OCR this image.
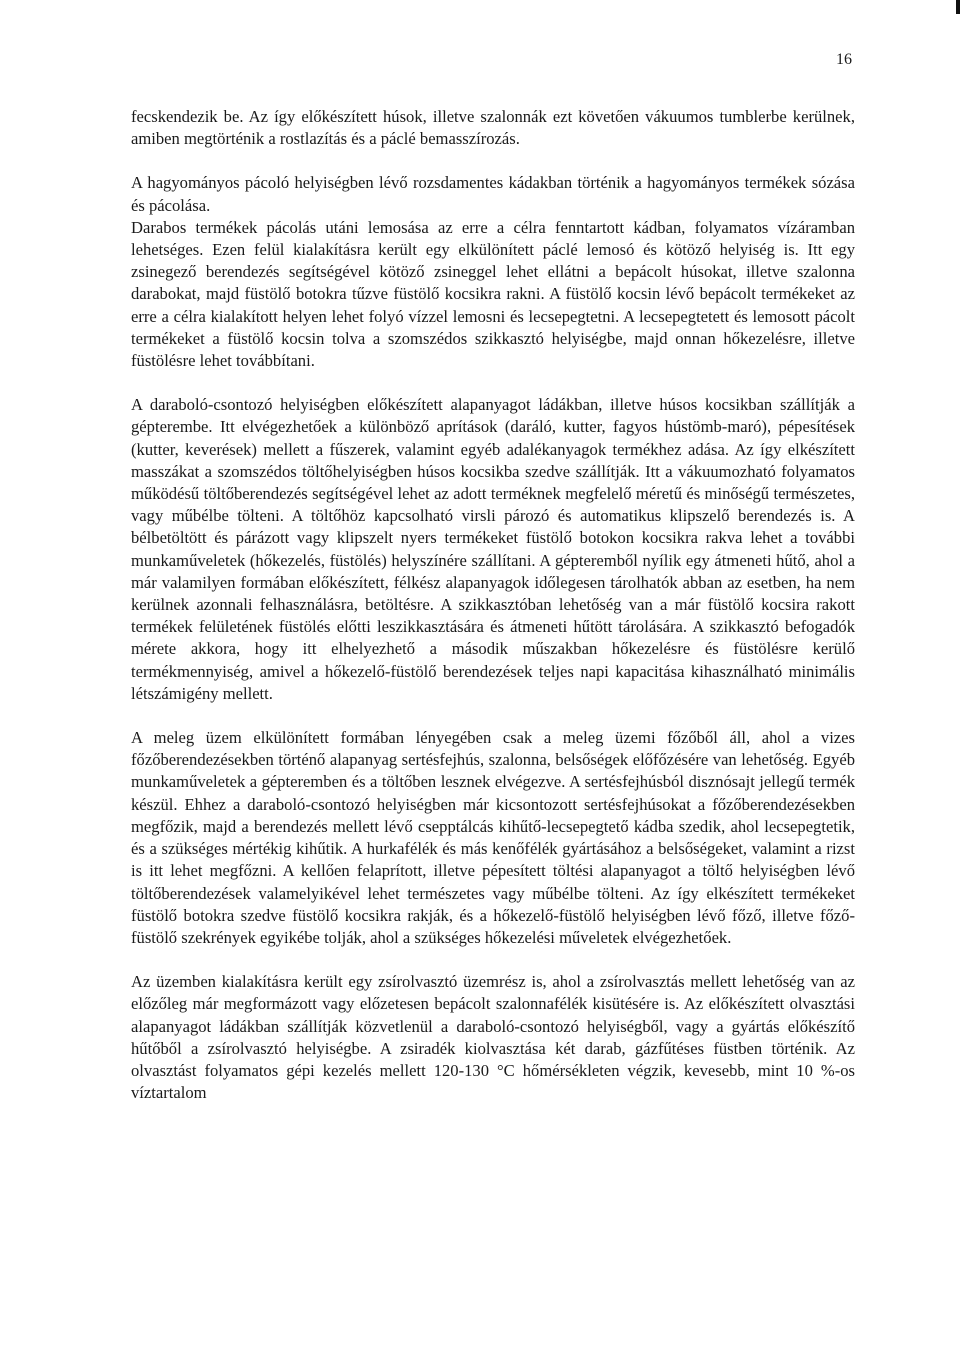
16

fecskendezik be. Az így előkészített húsok, illetve szalonnák ezt követően vákuumos tumblerbe kerülnek, amiben megtörténik a rostlazítás és a páclé bemasszírozás.

A hagyományos pácoló helyiségben lévő rozsdamentes kádakban történik a hagyományos termékek sózása és pácolása.

Darabos termékek pácolás utáni lemosása az erre a célra fenntartott kádban, folyamatos vízáramban lehetséges. Ezen felül kialakításra került egy elkülönített páclé lemosó és kötöző helyiség is. Itt egy zsinegező berendezés segítségével kötöző zsineggel lehet ellátni a bepácolt húsokat, illetve szalonna darabokat, majd füstölő botokra tűzve füstölő kocsikra rakni. A füstölő kocsin lévő bepácolt termékeket az erre a célra kialakított helyen lehet folyó vízzel lemosni és lecsepegtetni. A lecsepegtetett és lemosott pácolt termékeket a füstölő kocsin tolva a szomszédos szikkasztó helyiségbe, majd onnan hőkezelésre, illetve füstölésre lehet továbbítani.

A daraboló-csontozó helyiségben előkészített alapanyagot ládákban, illetve húsos kocsikban szállítják a gépterembe. Itt elvégezhetőek a különböző aprítások (daráló, kutter, fagyos hústömb-maró), pépesítések (kutter, keverések) mellett a fűszerek, valamint egyéb adalékanyagok termékhez adása. Az így elkészített masszákat a szomszédos töltőhelyiségben húsos kocsikba szedve szállítják. Itt a vákuumozható folyamatos működésű töltőberendezés segítségével lehet az adott terméknek megfelelő méretű és minőségű természetes, vagy műbélbe tölteni. A töltőhöz kapcsolható virsli pározó és automatikus klipszelő berendezés is. A bélbetöltött és párázott vagy klipszelt nyers termékeket füstölő botokon kocsikra rakva lehet a további munkaműveletek (hőkezelés, füstölés) helyszínére szállítani. A gépteremből nyílik egy átmeneti hűtő, ahol a már valamilyen formában előkészített, félkész alapanyagok időlegesen tárolhatók abban az esetben, ha nem kerülnek azonnali felhasználásra, betöltésre. A szikkasztóban lehetőség van a már füstölő kocsira rakott termékek felületének füstölés előtti leszikkasztására és átmeneti hűtött tárolására. A szikkasztó befogadók mérete akkora, hogy itt elhelyezhető a második műszakban hőkezelésre és füstölésre kerülő termékmennyiség, amivel a hőkezelő-füstölő berendezések teljes napi kapacitása kihasználható minimális létszámigény mellett.

A meleg üzem elkülönített formában lényegében csak a meleg üzemi főzőből áll, ahol a vizes főzőberendezésekben történő alapanyag sertésfejhús, szalonna, belsőségek előfőzésére van lehetőség. Egyéb munkaműveletek a gépteremben és a töltőben lesznek elvégezve. A sertésfejhúsból disznósajt jellegű termék készül. Ehhez a daraboló-csontozó helyiségben már kicsontozott sertésfejhúsokat a főzőberendezésekben megfőzik, majd a berendezés mellett lévő csepptálcás kihűtő-lecsepegtető kádba szedik, ahol lecsepegtetik, és a szükséges mértékig kihűtik. A hurkafélék és más kenőfélék gyártásához a belsőségeket, valamint a rizst is itt lehet megfőzni. A kellően felaprított, illetve pépesített töltési alapanyagot a töltő helyiségben lévő töltőberendezések valamelyikével lehet természetes vagy műbélbe tölteni. Az így elkészített termékeket füstölő botokra szedve füstölő kocsikra rakják, és a hőkezelő-füstölő helyiségben lévő főző, illetve főző-füstölő szekrények egyikébe tolják, ahol a szükséges hőkezelési műveletek elvégezhetőek.

Az üzemben kialakításra került egy zsírolvasztó üzemrész is, ahol a zsírolvasztás mellett lehetőség van az előzőleg már megformázott vagy előzetesen bepácolt szalonnafélék kisütésére is. Az előkészített olvasztási alapanyagot ládákban szállítják közvetlenül a daraboló-csontozó helyiségből, vagy a gyártás előkészítő hűtőből a zsírolvasztó helyiségbe. A zsiradék kiolvasztása két darab, gázfűtéses füstben történik. Az olvasztást folyamatos gépi kezelés mellett 120-130 °C hőmérsékleten végzik, kevesebb, mint 10 %-os víztartalom
